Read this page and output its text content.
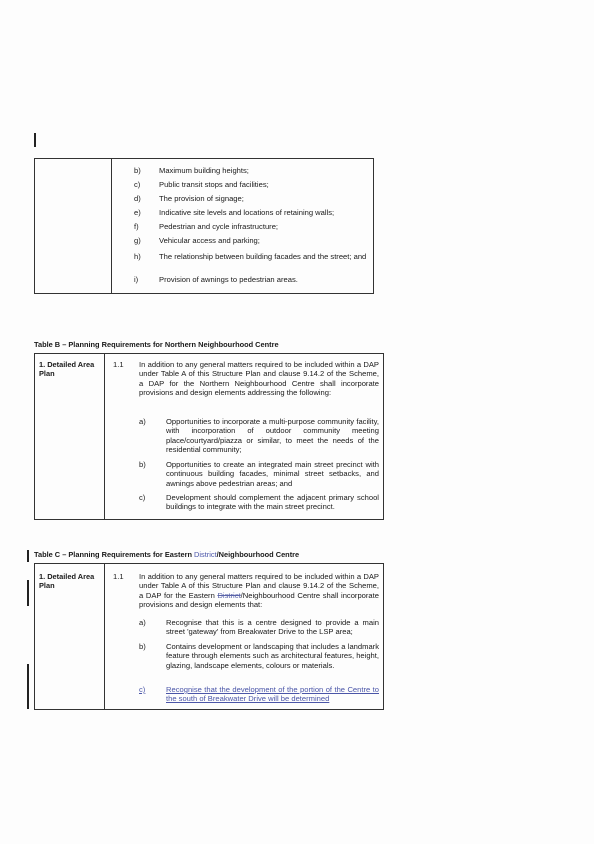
b) Maximum building heights;
c) Public transit stops and facilities;
d) The provision of signage;
e) Indicative site levels and locations of retaining walls;
f)	Pedestrian and cycle infrastructure;
g) Vehicular access and parking;
h) The relationship between building facades and the street; and
i)	Provision of awnings to pedestrian areas.
Table B – Planning Requirements for Northern Neighbourhood Centre
1. Detailed Area Plan
1.1 In addition to any general matters required to be included within a DAP under Table A of this Structure Plan and clause 9.14.2 of the Scheme, a DAP for the Northern Neighbourhood Centre shall incorporate provisions and design elements addressing the following:
a)	Opportunities to incorporate a multi-purpose community facility, with incorporation of outdoor community meeting place/courtyard/piazza or similar, to meet the needs of the residential community;
b)	Opportunities to create an integrated main street precinct with continuous building facades, minimal street setbacks, and awnings above pedestrian areas; and
c)	Development should complement the adjacent primary school buildings to integrate with the main street precinct.
Table C – Planning Requirements for Eastern District/Neighbourhood Centre
1. Detailed Area Plan
1.1 In addition to any general matters required to be included within a DAP under Table A of this Structure Plan and clause 9.14.2 of the Scheme, a DAP for the Eastern District/Neighbourhood Centre shall incorporate provisions and design elements that:
a)	Recognise that this is a centre designed to provide a main street 'gateway' from Breakwater Drive to the LSP area;
b)	Contains development or landscaping that includes a landmark feature through elements such as architectural features, height, glazing, landscape elements, colours or materials.
c)	Recognise that the development of the portion of the Centre to the south of Breakwater Drive will be determined
